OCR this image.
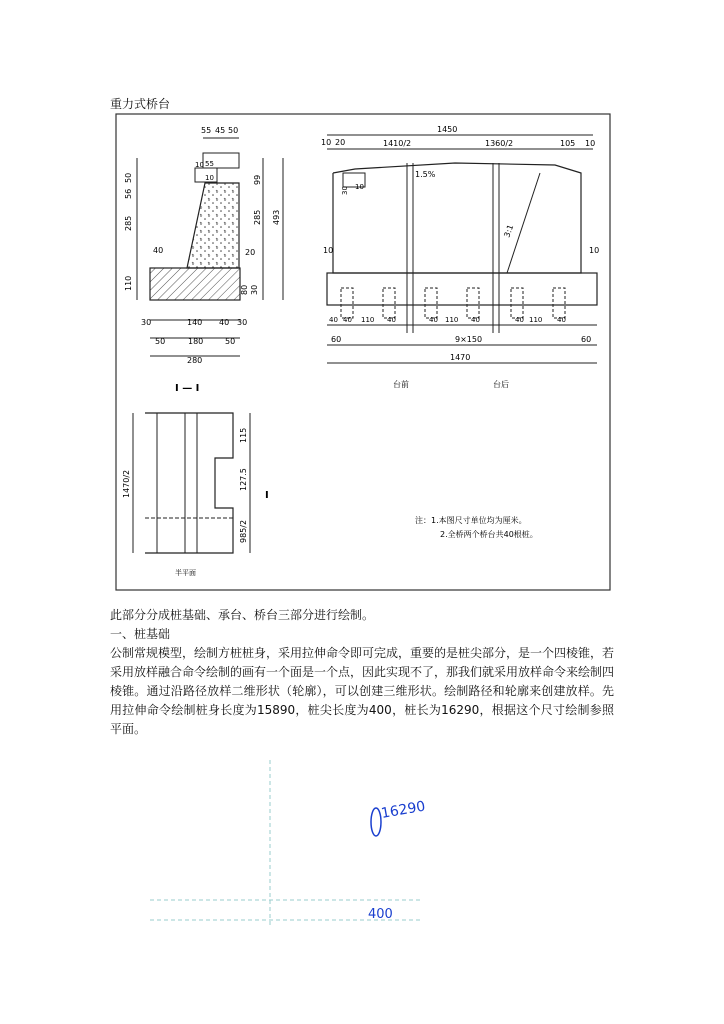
重力式桥台
55 45 50
50
56
285
40
110
10 55
10	99
285 493
20
80 30
30	140 40 30
50	180	50
280
I — I
1450
10 20	1410/2	1360/2	105 10
1.5%
3:1
10	10
30 10
40 40 110 40	40 110 40	40 110 40
9×150
60	60
1470
台前	台后
1470/2
115
127.5
985/2
I
半平面
注：1.本图尺寸单位均为厘米。
2.全桥两个桥台共40根桩。
此部分分成桩基础、承台、桥台三部分进行绘制。
一、桩基础
公制常规模型，绘制方桩桩身，采用拉伸命令即可完成，重要的是桩尖部分，是一个四棱锥，若采用放样融合命令绘制的画有一个面是一个点，因此实现不了，那我们就采用放样命令来绘制四棱锥。通过沿路径放样二维形状（轮廓），可以创建三维形状。绘制路径和轮廓来创建放样。先用拉伸命令绘制桩身长度为15890，桩尖长度为400，桩长为16290，根据这个尺寸绘制参照平面。
16290
400
